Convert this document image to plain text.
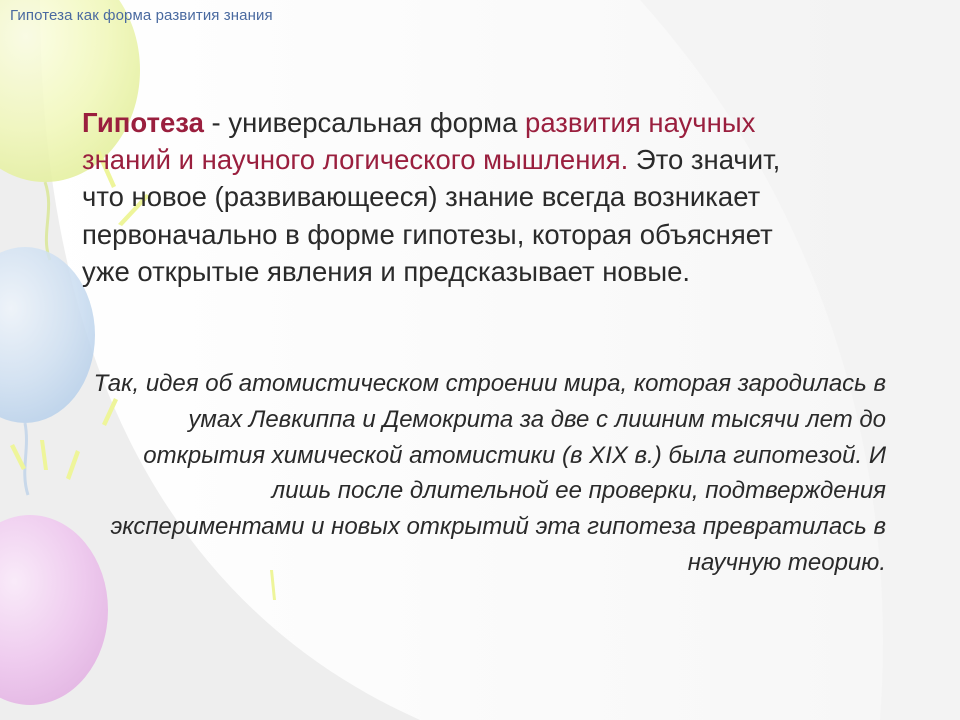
Гипотеза как форма развития знания

Гипотеза - универсальная форма развития научных знаний и научного логического мышления. Это значит, что новое (развивающееся) знание всегда возникает первоначально в форме гипотезы, которая объясняет уже открытые явления и предсказывает новые.

Так, идея об атомистическом строении мира, которая зародилась в умах Левкиппа и Демокрита за две с лишним тысячи лет до открытия химической атомистики (в XIX в.) была гипотезой. И лишь после длительной ее проверки, подтверждения экспериментами и новых открытий эта гипотеза превратилась в научную теорию.
